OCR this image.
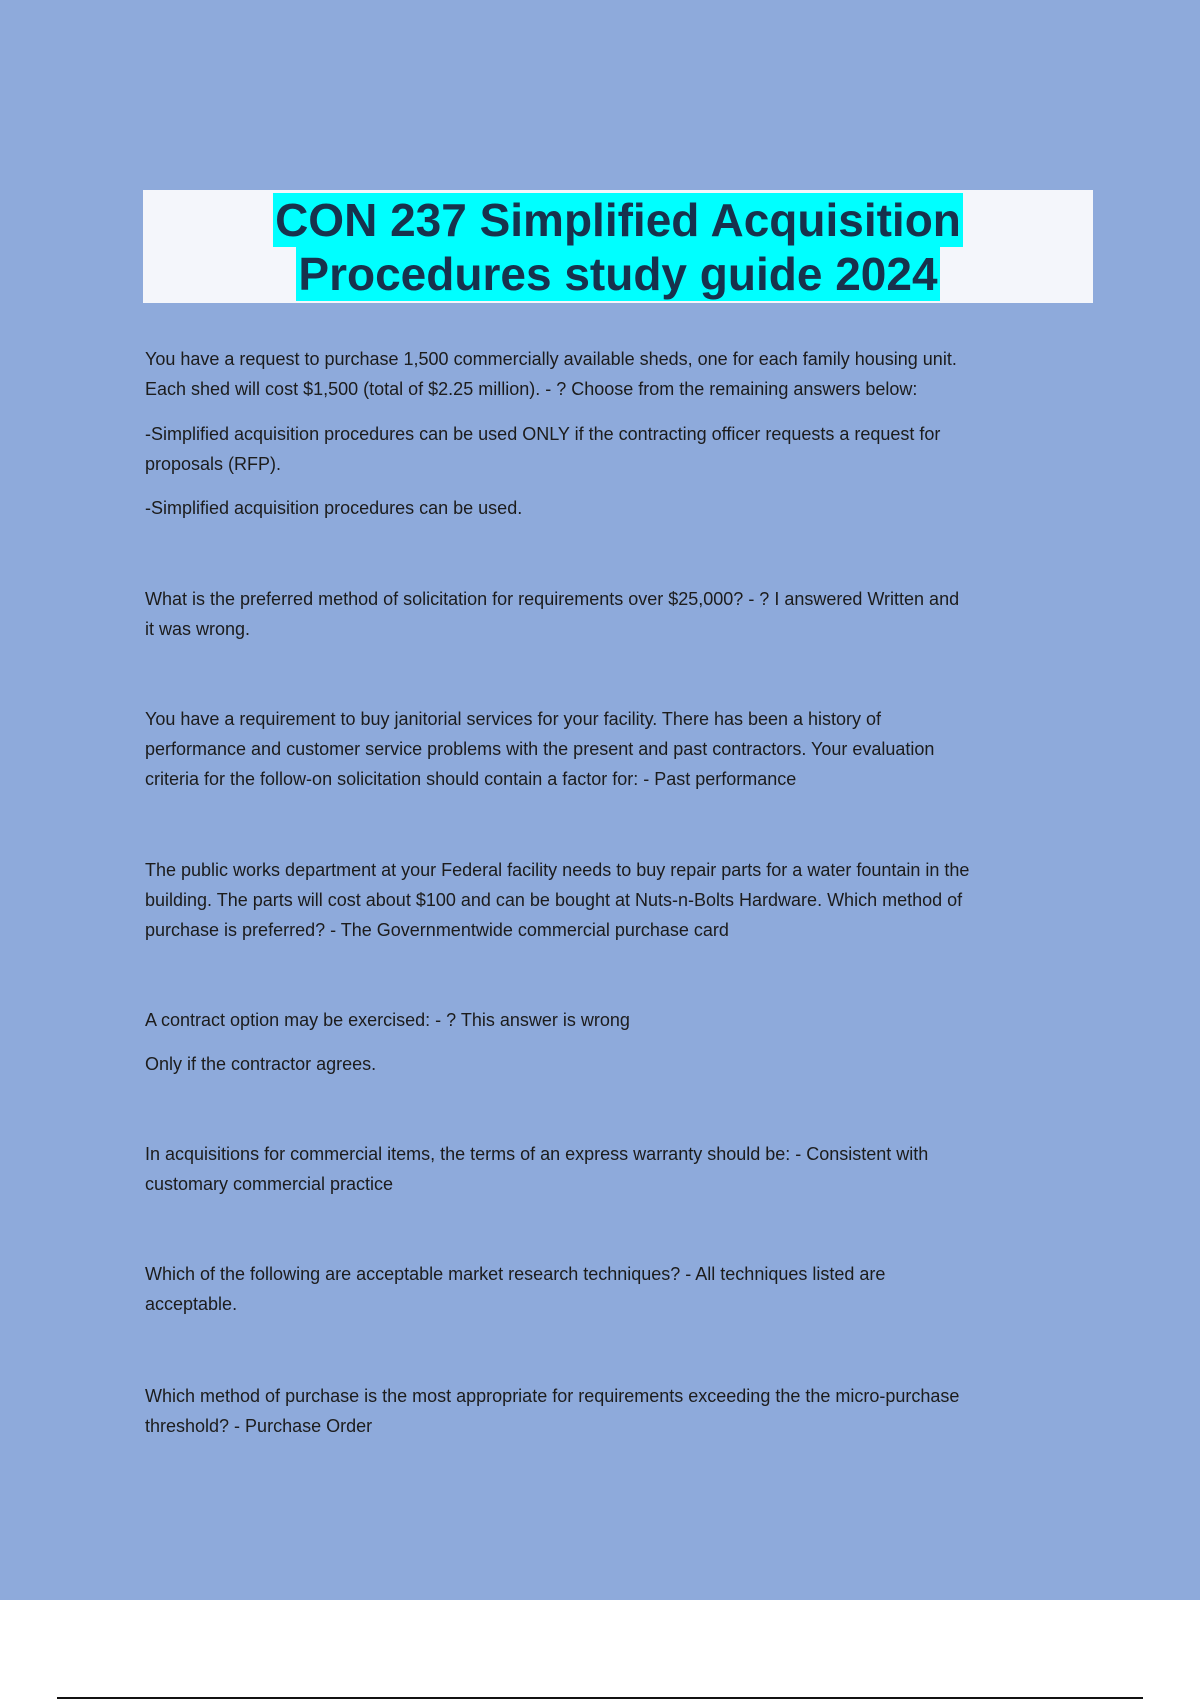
CON 237 Simplified Acquisition
Procedures study guide 2024

You have a request to purchase 1,500 commercially available sheds, one for each family housing unit.

Each shed will cost $1,500 (total of $2.25 million). - ? Choose from the remaining answers below:

-Simplified acquisition procedures can be used ONLY if the contracting officer requests a request for

proposals (RFP).

-Simplified acquisition procedures can be used.

What is the preferred method of solicitation for requirements over $25,000? - ? I answered Written and

it was wrong.

You have a requirement to buy janitorial services for your facility. There has been a history of

performance and customer service problems with the present and past contractors. Your evaluation

criteria for the follow-on solicitation should contain a factor for: - Past performance

The public works department at your Federal facility needs to buy repair parts for a water fountain in the

building. The parts will cost about $100 and can be bought at Nuts-n-Bolts Hardware. Which method of

purchase is preferred? - The Governmentwide commercial purchase card

A contract option may be exercised: - ? This answer is wrong

Only if the contractor agrees.

In acquisitions for commercial items, the terms of an express warranty should be: - Consistent with

customary commercial practice

Which of the following are acceptable market research techniques? - All techniques listed are

acceptable.

Which method of purchase is the most appropriate for requirements exceeding the the micro-purchase

threshold? - Purchase Order
